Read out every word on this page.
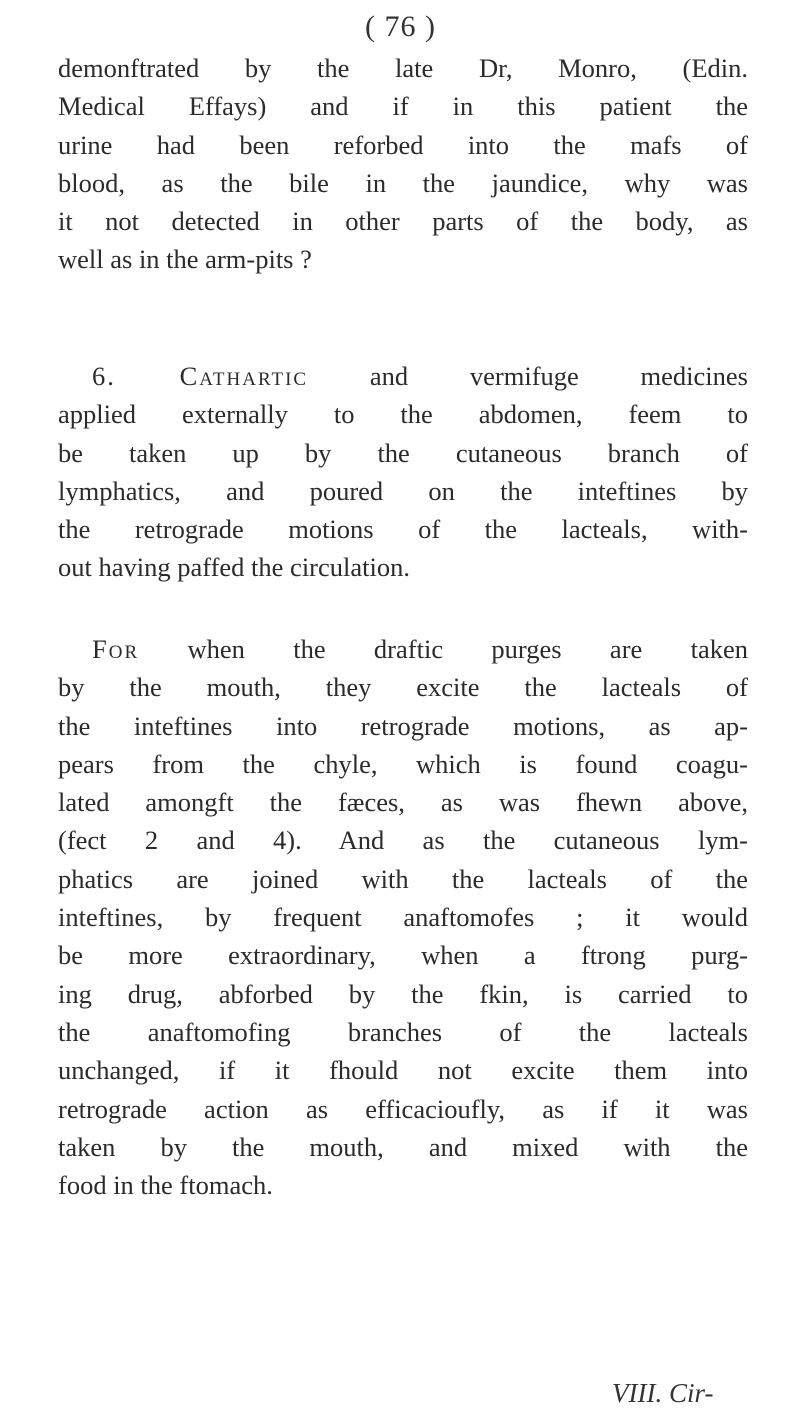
( 76 )
demonftrated by the late Dr, Monro, (Edin.
Medical Effays) and if in this patient the
urine had been reforbed into the mafs of
blood, as the bile in the jaundice, why was
it not detected in other parts of the body, as
well as in the arm-pits ?
6. Cathartic and vermifuge medicines
applied externally to the abdomen, feem to
be taken up by the cutaneous branch of
lymphatics, and poured on the inteftines by
the retrograde motions of the lacteals, with-
out having paffed the circulation.
For when the draftic purges are taken
by the mouth, they excite the lacteals of
the inteftines into retrograde motions, as ap-
pears from the chyle, which is found coagu-
lated amongft the fæces, as was fhewn above,
(fect 2 and 4). And as the cutaneous lym-
phatics are joined with the lacteals of the
inteftines, by frequent anaftomofes ; it would
be more extraordinary, when a ftrong purg-
ing drug, abforbed by the fkin, is carried to
the anaftomofing branches of the lacteals
unchanged, if it fhould not excite them into
retrograde action as efficacioufly, as if it was
taken by the mouth, and mixed with the
food in the ftomach.
VIII. Cir-
